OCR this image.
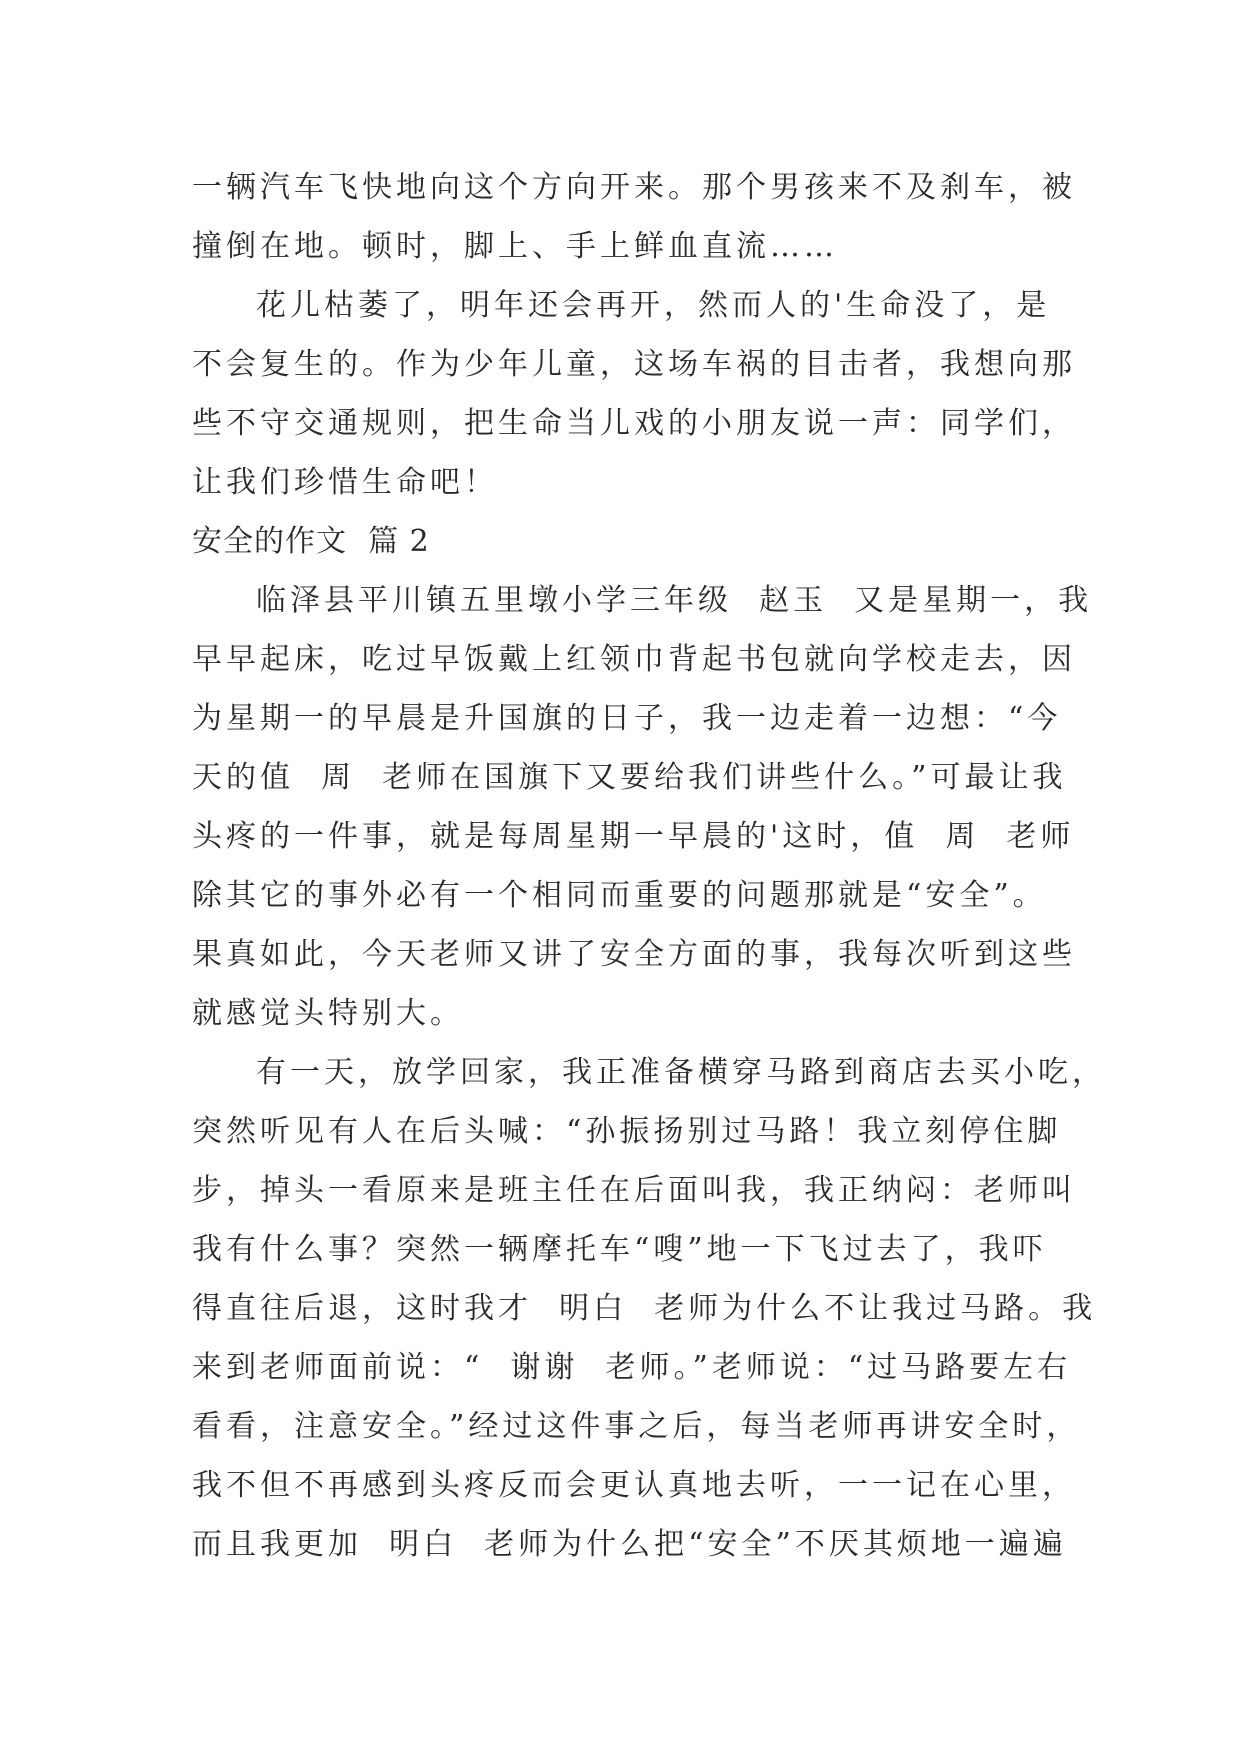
一辆汽车飞快地向这个方向开来。那个男孩来不及刹车，被
撞倒在地。顿时，脚上、手上鲜血直流……
花儿枯萎了，明年还会再开，然而人的'生命没了，是
不会复生的。作为少年儿童，这场车祸的目击者，我想向那
些不守交通规则，把生命当儿戏的小朋友说一声：同学们，
让我们珍惜生命吧！
安全的作文  篇 2
临泽县平川镇五里墩小学三年级  赵玉  又是星期一，我
早早起床，吃过早饭戴上红领巾背起书包就向学校走去，因
为星期一的早晨是升国旗的日子，我一边走着一边想：“今
天的值  周  老师在国旗下又要给我们讲些什么。”可最让我
头疼的一件事，就是每周星期一早晨的'这时，值  周  老师
除其它的事外必有一个相同而重要的问题那就是“安全”。
果真如此，今天老师又讲了安全方面的事，我每次听到这些
就感觉头特别大。
有一天，放学回家，我正准备横穿马路到商店去买小吃，
突然听见有人在后头喊：“孙振扬别过马路！我立刻停住脚
步，掉头一看原来是班主任在后面叫我，我正纳闷：老师叫
我有什么事？突然一辆摩托车“嗖”地一下飞过去了，我吓
得直往后退，这时我才  明白  老师为什么不让我过马路。我
来到老师面前说：“  谢谢  老师。”老师说：“过马路要左右
看看，注意安全。”经过这件事之后，每当老师再讲安全时，
我不但不再感到头疼反而会更认真地去听，一一记在心里，
而且我更加  明白  老师为什么把“安全”不厌其烦地一遍遍
